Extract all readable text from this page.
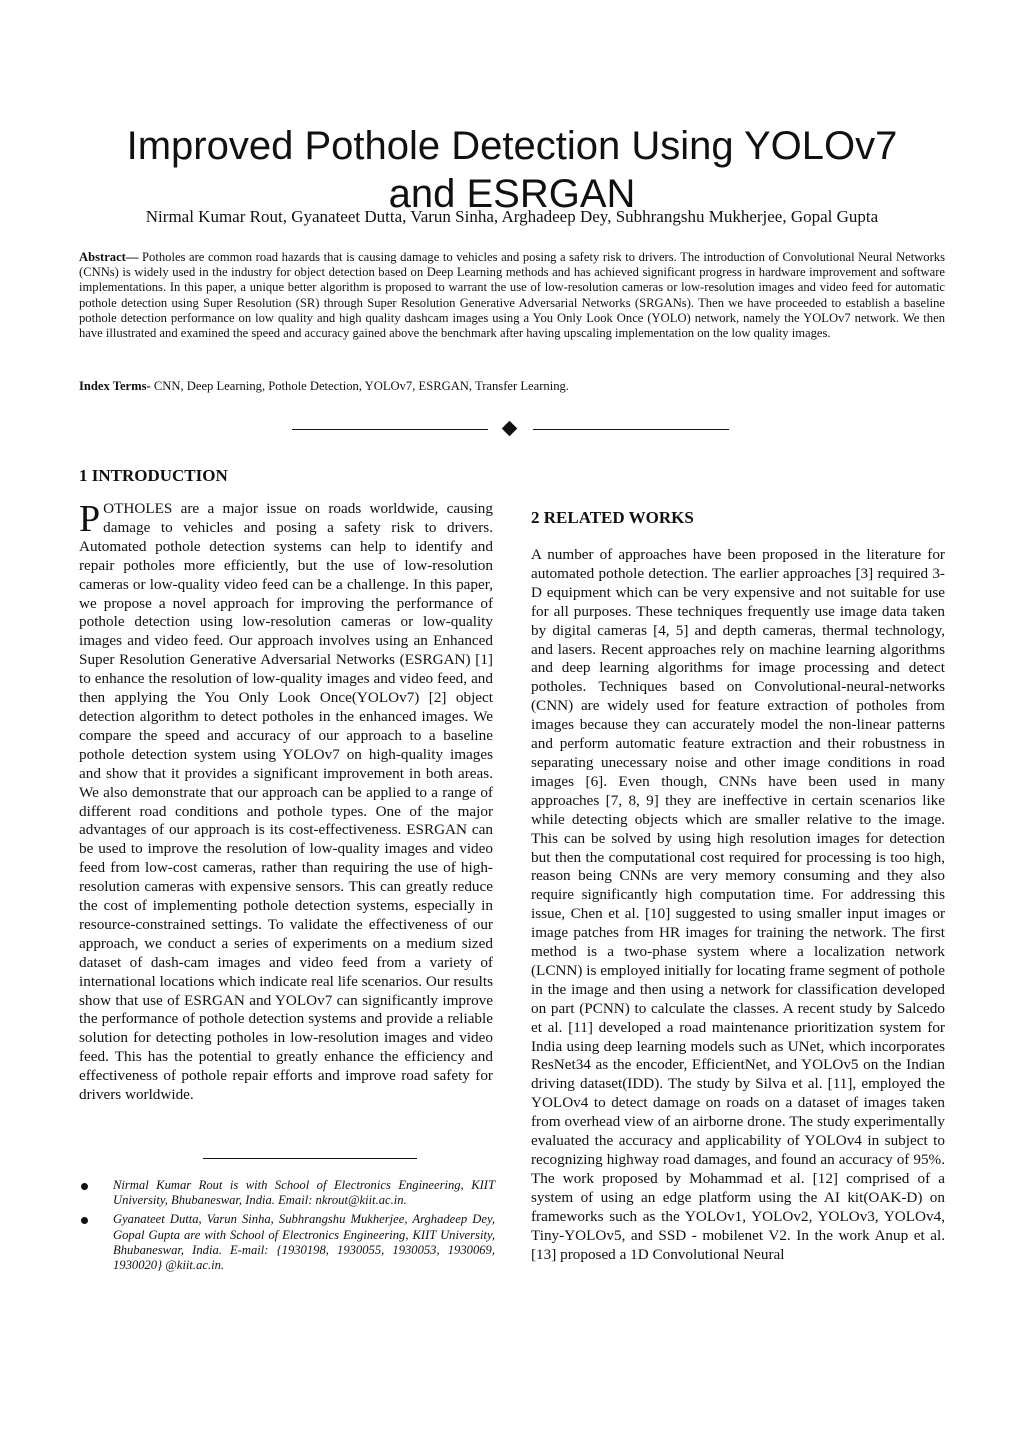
Improved Pothole Detection Using YOLOv7
and ESRGAN
Nirmal Kumar Rout, Gyanateet Dutta, Varun Sinha, Arghadeep Dey, Subhrangshu Mukherjee, Gopal Gupta

Abstract— Potholes are common road hazards that is causing damage to vehicles and posing a safety risk to drivers. The introduction of Convolutional Neural Networks (CNNs) is widely used in the industry for object detection based on Deep Learning methods and has achieved significant progress in hardware improvement and software implementations. In this paper, a unique better algorithm is proposed to warrant the use of low-resolution cameras or low-resolution images and video feed for automatic pothole detection using Super Resolution (SR) through Super Resolution Generative Adversarial Networks (SRGANs). Then we have proceeded to establish a baseline pothole detection performance on low quality and high quality dashcam images using a You Only Look Once (YOLO) network, namely the YOLOv7 network. We then have illustrated and examined the speed and accuracy gained above the benchmark after having upscaling implementation on the low quality images.

Index Terms- CNN, Deep Learning, Pothole Detection, YOLOv7, ESRGAN, Transfer Learning.

1 INTRODUCTION

POTHOLES are a major issue on roads worldwide, causing damage to vehicles and posing a safety risk to drivers. Automated pothole detection systems can help to identify and repair potholes more efficiently, but the use of low-resolution cameras or low-quality video feed can be a challenge. In this paper, we propose a novel approach for improving the performance of pothole detection using low-resolution cameras or low-quality images and video feed. Our approach involves using an Enhanced Super Resolution Generative Adversarial Networks (ESRGAN) [1] to enhance the resolution of low-quality images and video feed, and then applying the You Only Look Once(YOLOv7) [2] object detection algorithm to detect potholes in the enhanced images. We compare the speed and accuracy of our approach to a baseline pothole detection system using YOLOv7 on high-quality images and show that it provides a significant improvement in both areas. We also demonstrate that our approach can be applied to a range of different road conditions and pothole types. One of the major advantages of our approach is its cost-effectiveness. ESRGAN can be used to improve the resolution of low-quality images and video feed from low-cost cameras, rather than requiring the use of high-resolution cameras with expensive sensors. This can greatly reduce the cost of implementing pothole detection systems, especially in resource-constrained settings. To validate the effectiveness of our approach, we conduct a series of experiments on a medium sized dataset of dash-cam images and video feed from a variety of international locations which indicate real life scenarios. Our results show that use of ESRGAN and YOLOv7 can significantly improve the performance of pothole detection systems and provide a reliable solution for detecting potholes in low-resolution images and video feed. This has the potential to greatly enhance the efficiency and effectiveness of pothole repair efforts and improve road safety for drivers worldwide.

Nirmal Kumar Rout is with School of Electronics Engineering, KIIT University, Bhubaneswar, India. Email: nkrout@kiit.ac.in.
Gyanateet Dutta, Varun Sinha, Subhrangshu Mukherjee, Arghadeep Dey, Gopal Gupta are with School of Electronics Engineering, KIIT University, Bhubaneswar, India. E-mail: {1930198, 1930055, 1930053, 1930069, 1930020} @kiit.ac.in.
2 RELATED WORKS

A number of approaches have been proposed in the literature for automated pothole detection. The earlier approaches [3] required 3-D equipment which can be very expensive and not suitable for use for all purposes. These techniques frequently use image data taken by digital cameras [4, 5] and depth cameras, thermal technology, and lasers. Recent approaches rely on machine learning algorithms and deep learning algorithms for image processing and detect potholes. Techniques based on Convolutional-neural-networks (CNN) are widely used for feature extraction of potholes from images because they can accurately model the non-linear patterns and perform automatic feature extraction and their robustness in separating unecessary noise and other image conditions in road images [6]. Even though, CNNs have been used in many approaches [7, 8, 9] they are ineffective in certain scenarios like while detecting objects which are smaller relative to the image. This can be solved by using high resolution images for detection but then the computational cost required for processing is too high, reason being CNNs are very memory consuming and they also require significantly high computation time. For addressing this issue, Chen et al. [10] suggested to using smaller input images or image patches from HR images for training the network. The first method is a two-phase system where a localization network (LCNN) is employed initially for locating frame segment of pothole in the image and then using a network for classification developed on part (PCNN) to calculate the classes. A recent study by Salcedo et al. [11] developed a road maintenance prioritization system for India using deep learning models such as UNet, which incorporates ResNet34 as the encoder, EfficientNet, and YOLOv5 on the Indian driving dataset(IDD). The study by Silva et al. [11], employed the YOLOv4 to detect damage on roads on a dataset of images taken from overhead view of an airborne drone. The study experimentally evaluated the accuracy and applicability of YOLOv4 in subject to recognizing highway road damages, and found an accuracy of 95%. The work proposed by Mohammad et al. [12] comprised of a system of using an edge platform using the AI kit(OAK-D) on frameworks such as the YOLOv1, YOLOv2, YOLOv3, YOLOv4, Tiny-YOLOv5, and SSD - mobilenet V2. In the work Anup et al. [13] proposed a 1D Convolutional Neural
